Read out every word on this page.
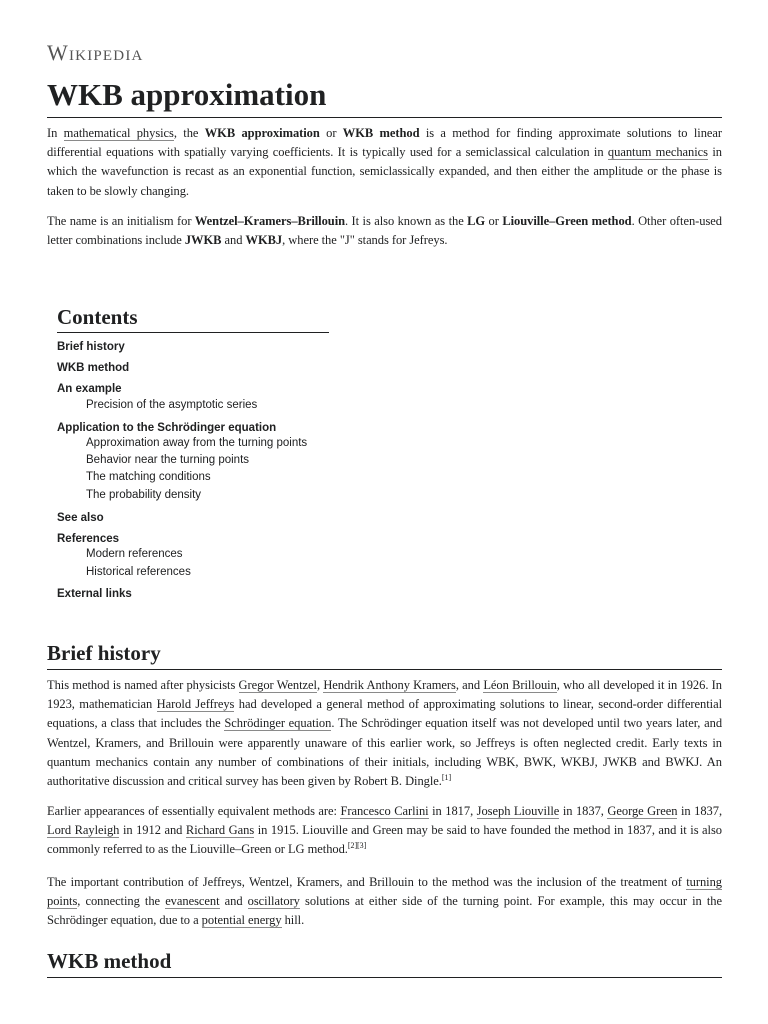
Wikipedia
WKB approximation

In mathematical physics, the WKB approximation or WKB method is a method for finding approximate solutions to linear differential equations with spatially varying coefficients. It is typically used for a semiclassical calculation in quantum mechanics in which the wavefunction is recast as an exponential function, semiclassically expanded, and then either the amplitude or the phase is taken to be slowly changing.

The name is an initialism for Wentzel–Kramers–Brillouin. It is also known as the LG or Liouville–Green method. Other often-used letter combinations include JWKB and WKBJ, where the "J" stands for Jefreys.

Contents
Brief history
WKB method
An example
Precision of the asymptotic series
Application to the Schrödinger equation
Approximation away from the turning points
Behavior near the turning points
The matching conditions
The probability density
See also
References
Modern references
Historical references
External links
Brief history

This method is named after physicists Gregor Wentzel, Hendrik Anthony Kramers, and Léon Brillouin, who all developed it in 1926. In 1923, mathematician Harold Jeffreys had developed a general method of approximating solutions to linear, second-order differential equations, a class that includes the Schrödinger equation. The Schrödinger equation itself was not developed until two years later, and Wentzel, Kramers, and Brillouin were apparently unaware of this earlier work, so Jeffreys is often neglected credit. Early texts in quantum mechanics contain any number of combinations of their initials, including WBK, BWK, WKBJ, JWKB and BWKJ. An authoritative discussion and critical survey has been given by Robert B. Dingle.[1]

Earlier appearances of essentially equivalent methods are: Francesco Carlini in 1817, Joseph Liouville in 1837, George Green in 1837, Lord Rayleigh in 1912 and Richard Gans in 1915. Liouville and Green may be said to have founded the method in 1837, and it is also commonly referred to as the Liouville–Green or LG method.[2][3]

The important contribution of Jeffreys, Wentzel, Kramers, and Brillouin to the method was the inclusion of the treatment of turning points, connecting the evanescent and oscillatory solutions at either side of the turning point. For example, this may occur in the Schrödinger equation, due to a potential energy hill.

WKB method
